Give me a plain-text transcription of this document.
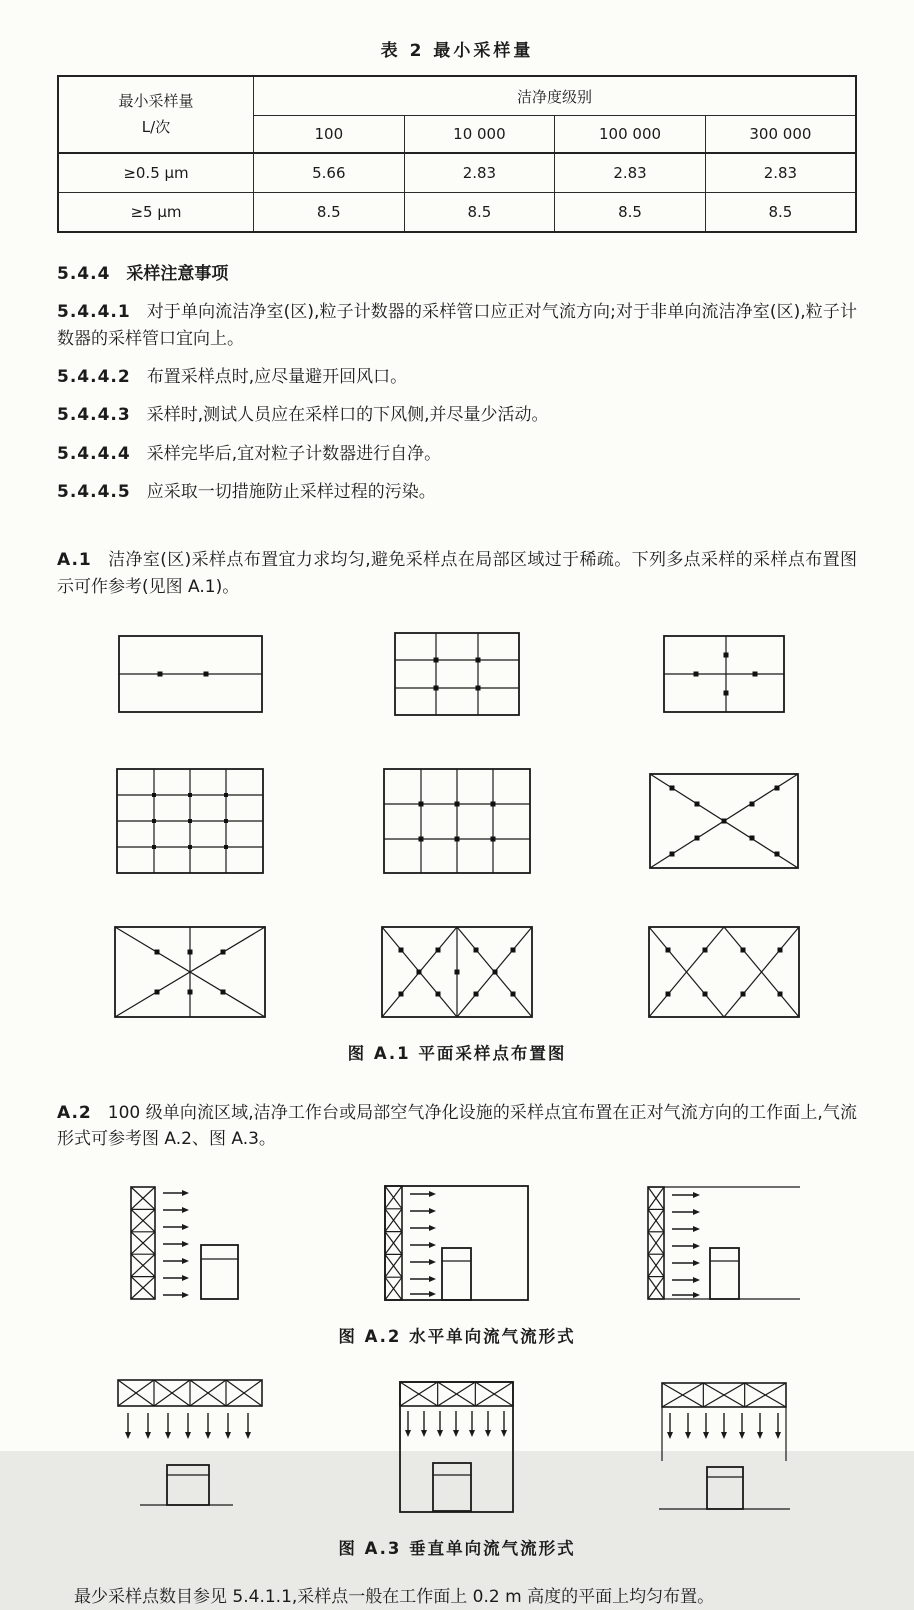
表 2 最小采样量
最小采样量
L/次	洁净度级别			
	100	10 000	100 000	300 000
≥0.5 μm	5.66	2.83	2.83	2.83
≥5 μm	8.5	8.5	8.5	8.5

5.4.4 采样注意事项

5.4.4.1 对于单向流洁净室(区),粒子计数器的采样管口应正对气流方向;对于非单向流洁净室(区),粒子计数器的采样管口宜向上。

5.4.4.2 布置采样点时,应尽量避开回风口。

5.4.4.3 采样时,测试人员应在采样口的下风侧,并尽量少活动。

5.4.4.4 采样完毕后,宜对粒子计数器进行自净。

5.4.4.5 应采取一切措施防止采样过程的污染。

A.1 洁净室(区)采样点布置宜力求均匀,避免采样点在局部区域过于稀疏。下列多点采样的采样点布置图示可作参考(见图 A.1)。

图 A.1 平面采样点布置图

A.2 100 级单向流区域,洁净工作台或局部空气净化设施的采样点宜布置在正对气流方向的工作面上,气流形式可参考图 A.2、图 A.3。

图 A.2 水平单向流气流形式
图 A.3 垂直单向流气流形式

最少采样点数目参见 5.4.1.1,采样点一般在工作面上 0.2 m 高度的平面上均匀布置。
